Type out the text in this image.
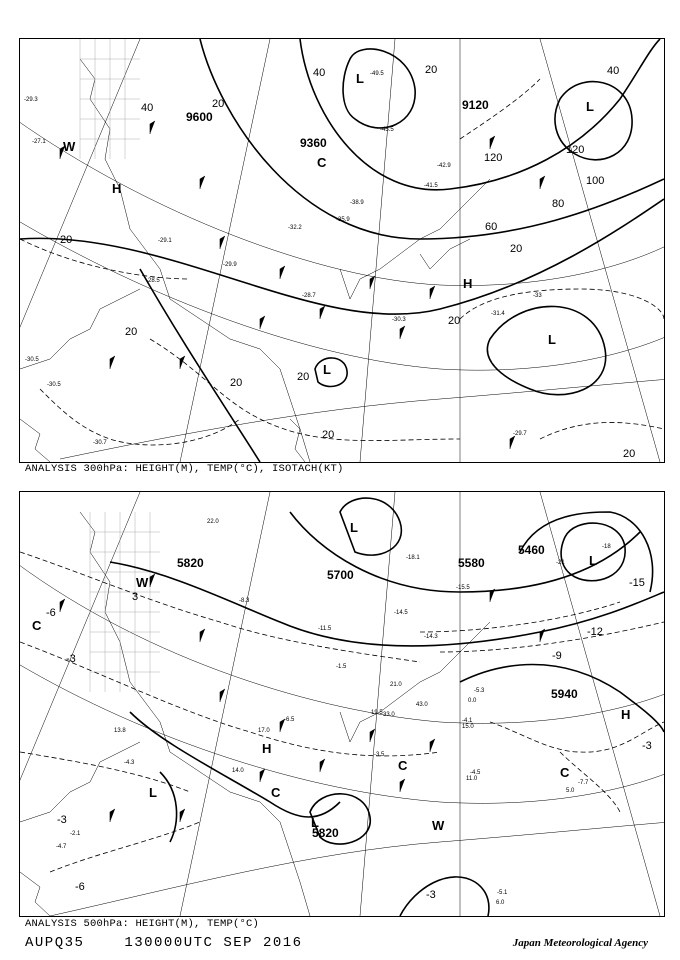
9600
9360
9120
40	20
20	40
60
80
100
120
120
40
20
20
20	20
20
20
20
20
L
L
L
L
H
H
C
W
-29.3
-27.1
-30.5
-31.4
-30.3
-28.7
-49.5
-45.5
-42.9
-41.5
-38.9
-35.9
-33
-32.2
-28.5
-29.1
-29.7
-30.7
-30.5
-29.9
ANALYSIS 300hPa: HEIGHT(M), TEMP(°C), ISOTACH(KT)
5820
5700
5580
5460
5940
5820
-15
-12
-9
-6
-3
-3
-3
-3
3
-6
L
L
L
L
H
H
W
W
C
C
C
C
-18
-21
-18.1
-15.5
-14.5
-14.3
-11.5
-8.3
-6.5
-5.3
-4.1
-3.5
-4.5
-7.7
-5.1
-4.3
-4.7
-2.1
-1.5
0.0
5.0
6.0
11.0
13.8
14.0
15.0
17.0
19.5
21.0
22.0
33.0
43.0
ANALYSIS 500hPa: HEIGHT(M), TEMP(°C)
AUPQ35	130000UTC SEP 2016	Japan Meteorological Agency
